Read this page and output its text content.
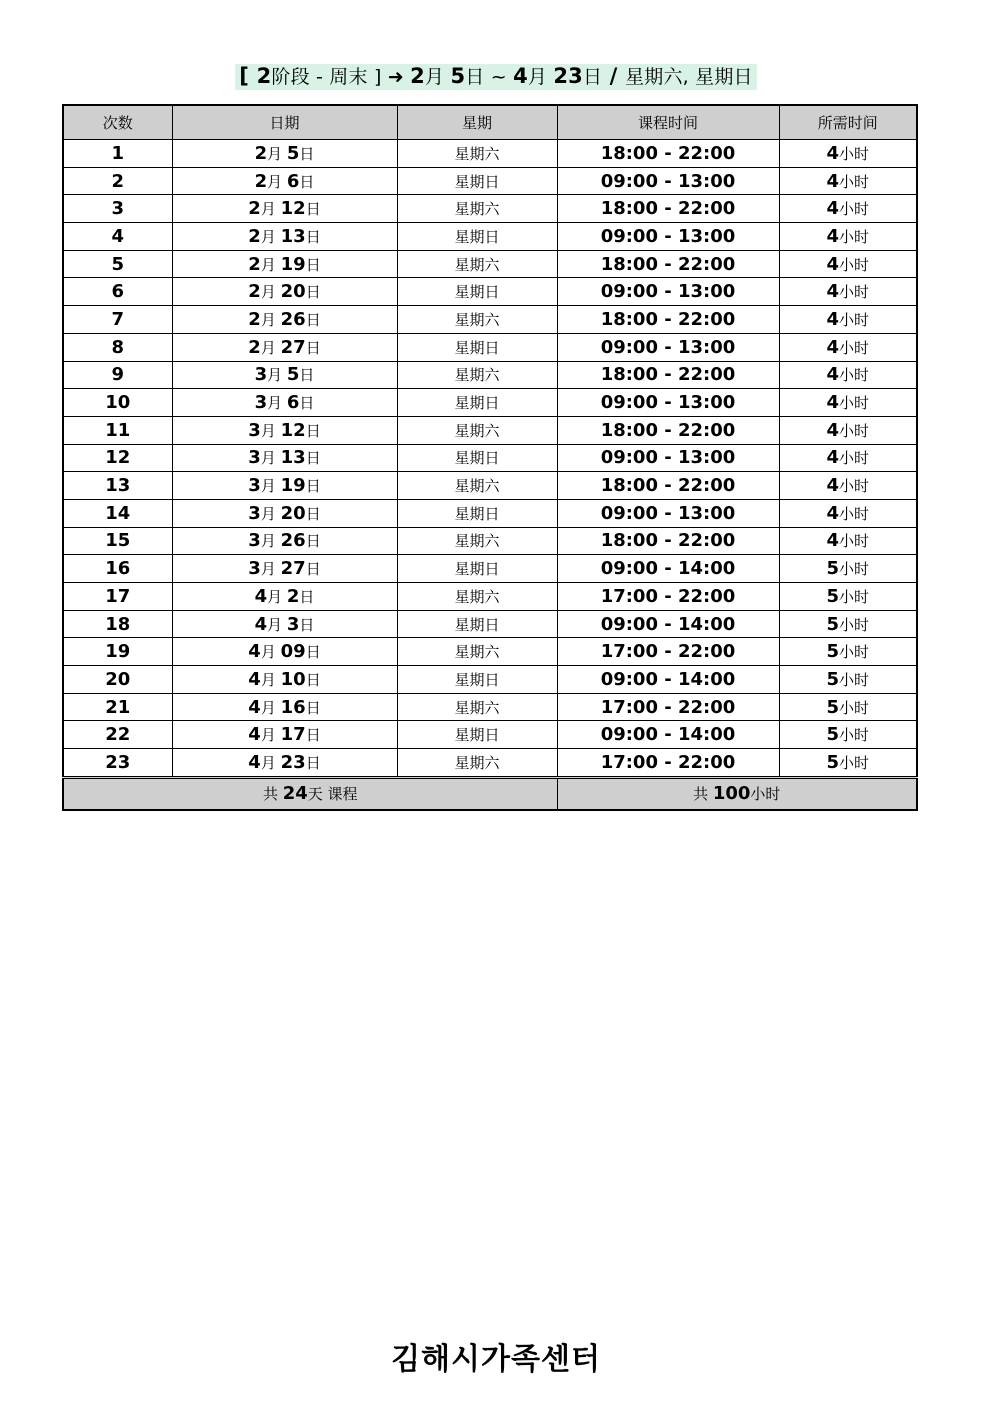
[ 2阶段 - 周末 ] ➜ 2月 5日 ~ 4月 23日 / 星期六, 星期日
次数	日期	星期	课程时间	所需时间
1	2月 5日	星期六	18:00 - 22:00	4小时
2	2月 6日	星期日	09:00 - 13:00	4小时
3	2月 12日	星期六	18:00 - 22:00	4小时
4	2月 13日	星期日	09:00 - 13:00	4小时
5	2月 19日	星期六	18:00 - 22:00	4小时
6	2月 20日	星期日	09:00 - 13:00	4小时
7	2月 26日	星期六	18:00 - 22:00	4小时
8	2月 27日	星期日	09:00 - 13:00	4小时
9	3月 5日	星期六	18:00 - 22:00	4小时
10	3月 6日	星期日	09:00 - 13:00	4小时
11	3月 12日	星期六	18:00 - 22:00	4小时
12	3月 13日	星期日	09:00 - 13:00	4小时
13	3月 19日	星期六	18:00 - 22:00	4小时
14	3月 20日	星期日	09:00 - 13:00	4小时
15	3月 26日	星期六	18:00 - 22:00	4小时
16	3月 27日	星期日	09:00 - 14:00	5小时
17	4月 2日	星期六	17:00 - 22:00	5小时
18	4月 3日	星期日	09:00 - 14:00	5小时
19	4月 09日	星期六	17:00 - 22:00	5小时
20	4月 10日	星期日	09:00 - 14:00	5小时
21	4月 16日	星期六	17:00 - 22:00	5小时
22	4月 17日	星期日	09:00 - 14:00	5小时
23	4月 23日	星期六	17:00 - 22:00	5小时
共 24天 课程			共 100小时	
김해시가족센터
